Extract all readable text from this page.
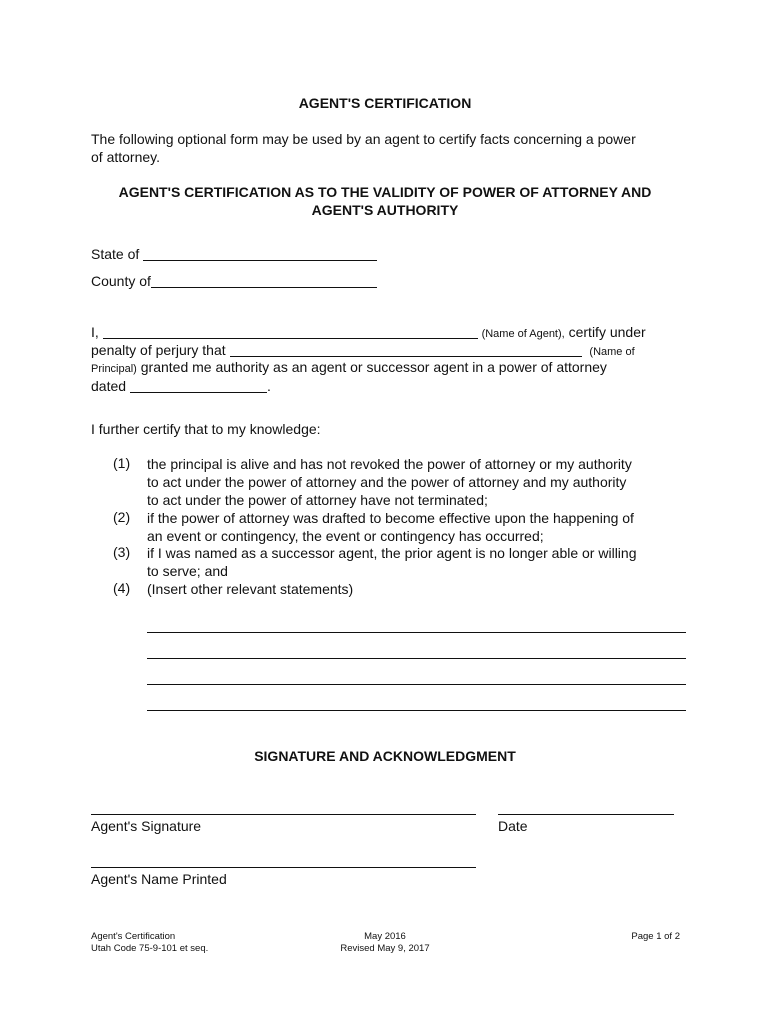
AGENT'S CERTIFICATION
The following optional form may be used by an agent to certify facts concerning a power
of attorney.
AGENT'S CERTIFICATION AS TO THE VALIDITY OF POWER OF ATTORNEY AND
AGENT'S AUTHORITY
State of
County of
I,	(Name of Agent), certify under
penalty of perjury that	(Name of
Principal) granted me authority as an agent or successor agent in a power of attorney
dated	.
I further certify that to my knowledge:
(1) the principal is alive and has not revoked the power of attorney or my authority
to act under the power of attorney and the power of attorney and my authority
to act under the power of attorney have not terminated;
(2) if the power of attorney was drafted to become effective upon the happening of
an event or contingency, the event or contingency has occurred;
(3) if I was named as a successor agent, the prior agent is no longer able or willing
to serve; and
(4) (Insert other relevant statements)
SIGNATURE AND ACKNOWLEDGMENT
Agent's Signature	Date
Agent's Name Printed
Agent's Certification
Utah Code 75-9-101 et seq.
May 2016
Revised May 9, 2017
Page 1 of 2
